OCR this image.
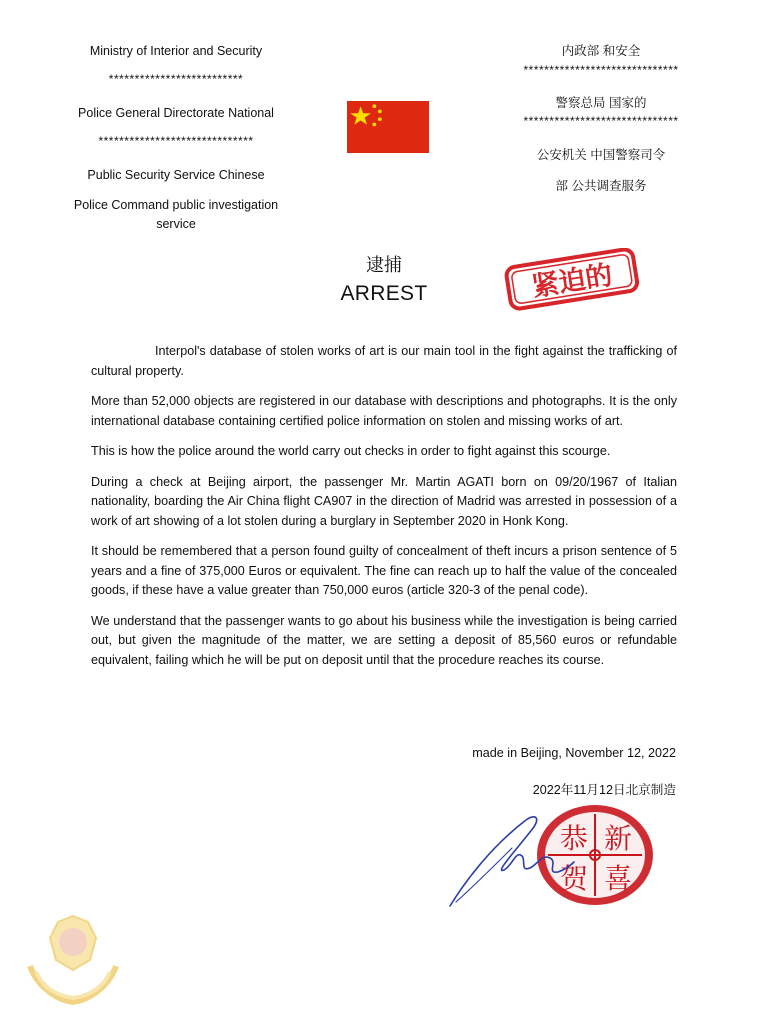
Ministry of Interior and Security
**************************
Police General Directorate National
******************************
Public Security Service Chinese
Police Command public investigation service
内政部 和安全
******************************
警察总局 国家的
******************************
公安机关 中国警察司令
部 公共调查服务
逮捕
ARREST	紧迫的

Interpol's database of stolen works of art is our main tool in the fight against the trafficking of cultural property.

More than 52,000 objects are registered in our database with descriptions and photographs. It is the only international database containing certified police information on stolen and missing works of art.

This is how the police around the world carry out checks in order to fight against this scourge.

During a check at Beijing airport, the passenger Mr. Martin AGATI born on 09/20/1967 of Italian nationality, boarding the Air China flight CA907 in the direction of Madrid was arrested in possession of a work of art showing of a lot stolen during a burglary in September 2020 in Honk Kong.

It should be remembered that a person found guilty of concealment of theft incurs a prison sentence of 5 years and a fine of 375,000 Euros or equivalent. The fine can reach up to half the value of the concealed goods, if these have a value greater than 750,000 euros (article 320-3 of the penal code).

We understand that the passenger wants to go about his business while the investigation is being carried out, but given the magnitude of the matter, we are setting a deposit of 85,560 euros or refundable equivalent, failing which he will be put on deposit until that the procedure reaches its course.

made in Beijing, November 12, 2022
2022年11月12日北京制造
恭 新
贺 喜
